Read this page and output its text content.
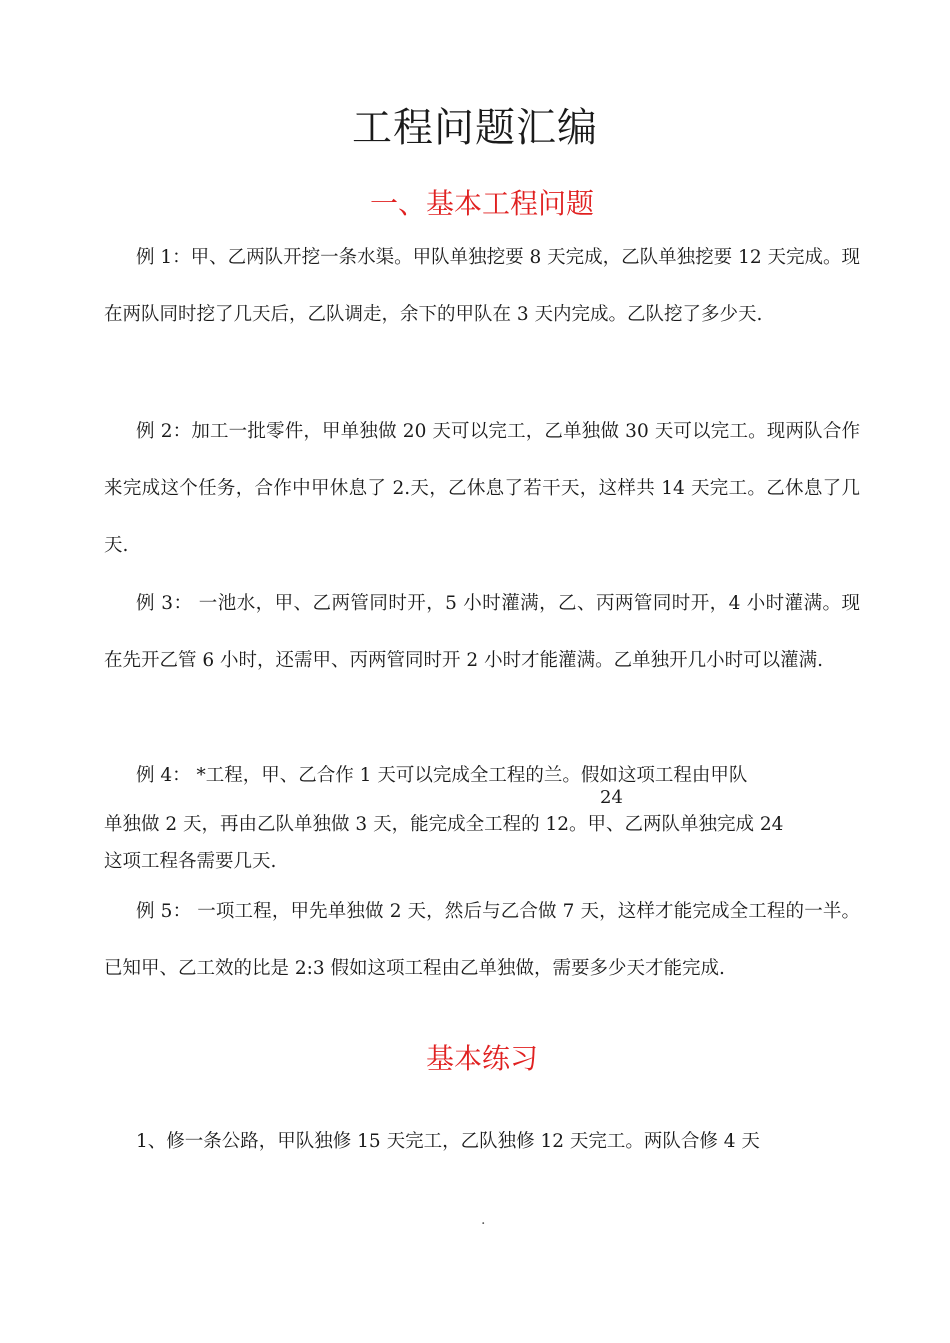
工程问题汇编
一、基本工程问题

例 1：甲、乙两队开挖一条水渠。甲队单独挖要 8 天完成，乙队单独挖要 12 天完成。现在两队同时挖了几天后，乙队调走，余下的甲队在 3 天内完成。乙队挖了多少天.

例 2：加工一批零件，甲单独做 20 天可以完工，乙单独做 30 天可以完工。现两队合作来完成这个任务，合作中甲休息了 2.天，乙休息了若干天，这样共 14 天完工。乙休息了几天.

例 3： 一池水，甲、乙两管同时开，5 小时灌满，乙、丙两管同时开，4 小时灌满。现在先开乙管 6 小时，还需甲、丙两管同时开 2 小时才能灌满。乙单独开几小时可以灌满.

例 4： *工程，甲、乙合作 1 天可以完成全工程的兰。假如这项工程由甲队

24

单独做 2 天，再由乙队单独做 3 天，能完成全工程的 12。甲、乙两队单独完成 24

这项工程各需要几天.

例 5： 一项工程，甲先单独做 2 天，然后与乙合做 7 天，这样才能完成全工程的一半。已知甲、乙工效的比是 2:3 假如这项工程由乙单独做，需要多少天才能完成.

基本练习

1、修一条公路，甲队独修 15 天完工，乙队独修 12 天完工。两队合修 4 天

.
